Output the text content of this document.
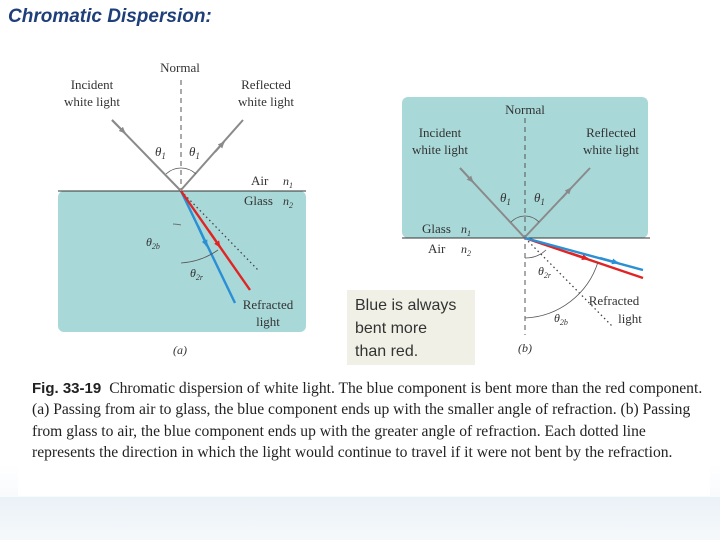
Chromatic Dispersion:
Normal
Incident
white light
Reflected
white light
$\theta_1$ $\theta_1$
Air $n_1$
Glass $n_2$
$\theta_{2b}$
$\theta_{2r}$
Refracted
light
(a)
Blue is always
bent more
than red.
Normal
Incident
white light
Reflected
white light
$\theta_1$ $\theta_1$
Glass $n_1$
Air $n_2$
$\theta_{2r}$
$\theta_{2b}$
Refracted
light
(b)

Fig. 33-19 Chromatic dispersion of white light. The blue component is bent more than the red component. (a) Passing from air to glass, the blue component ends up with the smaller angle of refraction. (b) Passing from glass to air, the blue component ends up with the greater angle of refraction. Each dotted line represents the direction in which the light would continue to travel if it were not bent by the refraction.
